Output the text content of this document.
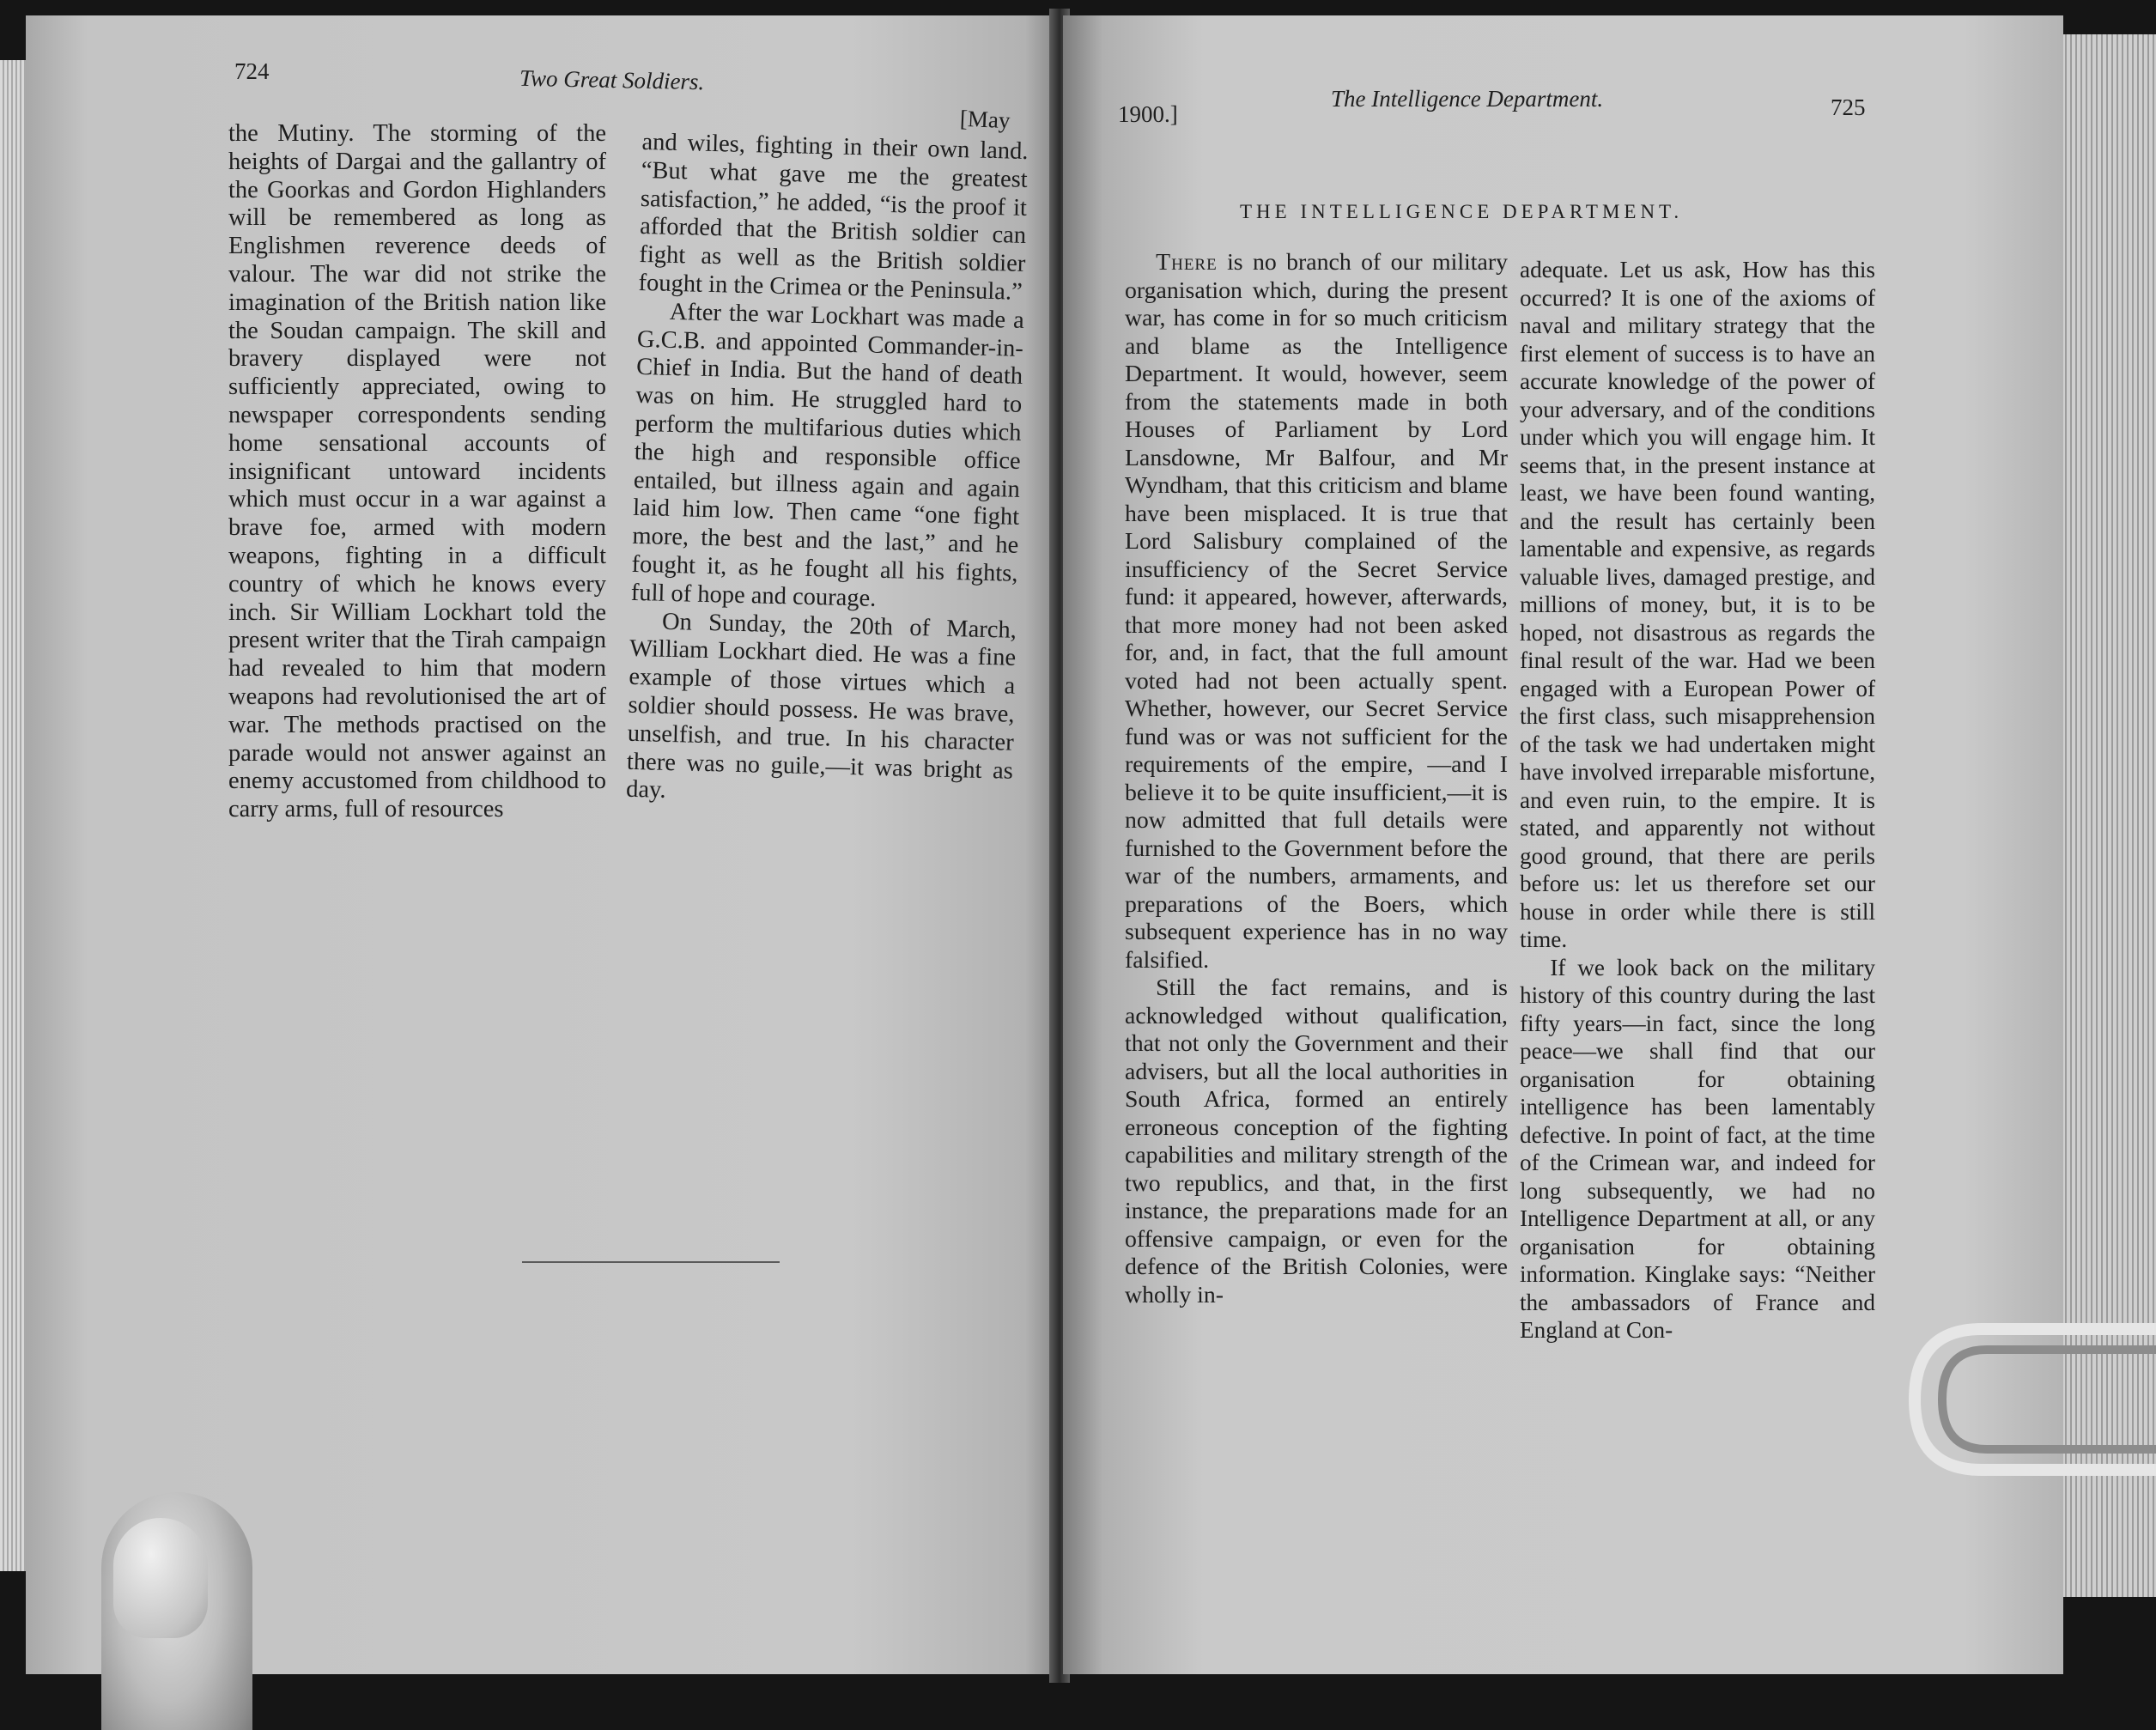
724	Two Great Soldiers.
[May

the Mutiny. The storming of the heights of Dargai and the gallantry of the Goorkas and Gordon Highlanders will be remembered as long as Englishmen reverence deeds of valour. The war did not strike the imagination of the British nation like the Soudan campaign. The skill and bravery displayed were not sufficiently appreciated, owing to newspaper correspondents sending home sensational accounts of insignificant untoward incidents which must occur in a war against a brave foe, armed with modern weapons, fighting in a difficult country of which he knows every inch. Sir William Lockhart told the present writer that the Tirah campaign had revealed to him that modern weapons had revolutionised the art of war. The methods practised on the parade would not answer against an enemy accustomed from childhood to carry arms, full of resources

and wiles, fighting in their own land. “But what gave me the greatest satisfaction,” he added, “is the proof it afforded that the British soldier can fight as well as the British soldier fought in the Crimea or the Peninsula.”

After the war Lockhart was made a G.C.B. and appointed Commander-in-Chief in India. But the hand of death was on him. He struggled hard to perform the multifarious duties which the high and responsible office entailed, but illness again and again laid him low. Then came “one fight more, the best and the last,” and he fought it, as he fought all his fights, full of hope and courage.

On Sunday, the 20th of March, William Lockhart died. He was a fine example of those virtues which a soldier should possess. He was brave, unselfish, and true. In his character there was no guile,—it was bright as day.

1900.]
The Intelligence Department.	725
THE INTELLIGENCE DEPARTMENT.

There is no branch of our military organisation which, during the present war, has come in for so much criticism and blame as the Intelligence Department. It would, however, seem from the statements made in both Houses of Parliament by Lord Lansdowne, Mr Balfour, and Mr Wyndham, that this criticism and blame have been misplaced. It is true that Lord Salisbury complained of the insufficiency of the Secret Service fund: it appeared, however, afterwards, that more money had not been asked for, and, in fact, that the full amount voted had not been actually spent. Whether, however, our Secret Service fund was or was not sufficient for the requirements of the empire, —and I believe it to be quite insufficient,—it is now admitted that full details were furnished to the Government before the war of the numbers, armaments, and preparations of the Boers, which subsequent experience has in no way falsified.

Still the fact remains, and is acknowledged without qualification, that not only the Government and their advisers, but all the local authorities in South Africa, formed an entirely erroneous conception of the fighting capabilities and military strength of the two republics, and that, in the first instance, the preparations made for an offensive campaign, or even for the defence of the British Colonies, were wholly in-

adequate. Let us ask, How has this occurred? It is one of the axioms of naval and military strategy that the first element of success is to have an accurate knowledge of the power of your adversary, and of the conditions under which you will engage him. It seems that, in the present instance at least, we have been found wanting, and the result has certainly been lamentable and expensive, as regards valuable lives, damaged prestige, and millions of money, but, it is to be hoped, not disastrous as regards the final result of the war. Had we been engaged with a European Power of the first class, such misapprehension of the task we had undertaken might have involved irreparable misfortune, and even ruin, to the empire. It is stated, and apparently not without good ground, that there are perils before us: let us therefore set our house in order while there is still time.

If we look back on the military history of this country during the last fifty years—in fact, since the long peace—we shall find that our organisation for obtaining intelligence has been lamentably defective. In point of fact, at the time of the Crimean war, and indeed for long subsequently, we had no Intelligence Department at all, or any organisation for obtaining information. Kinglake says: “Neither the ambassadors of France and England at Con-
